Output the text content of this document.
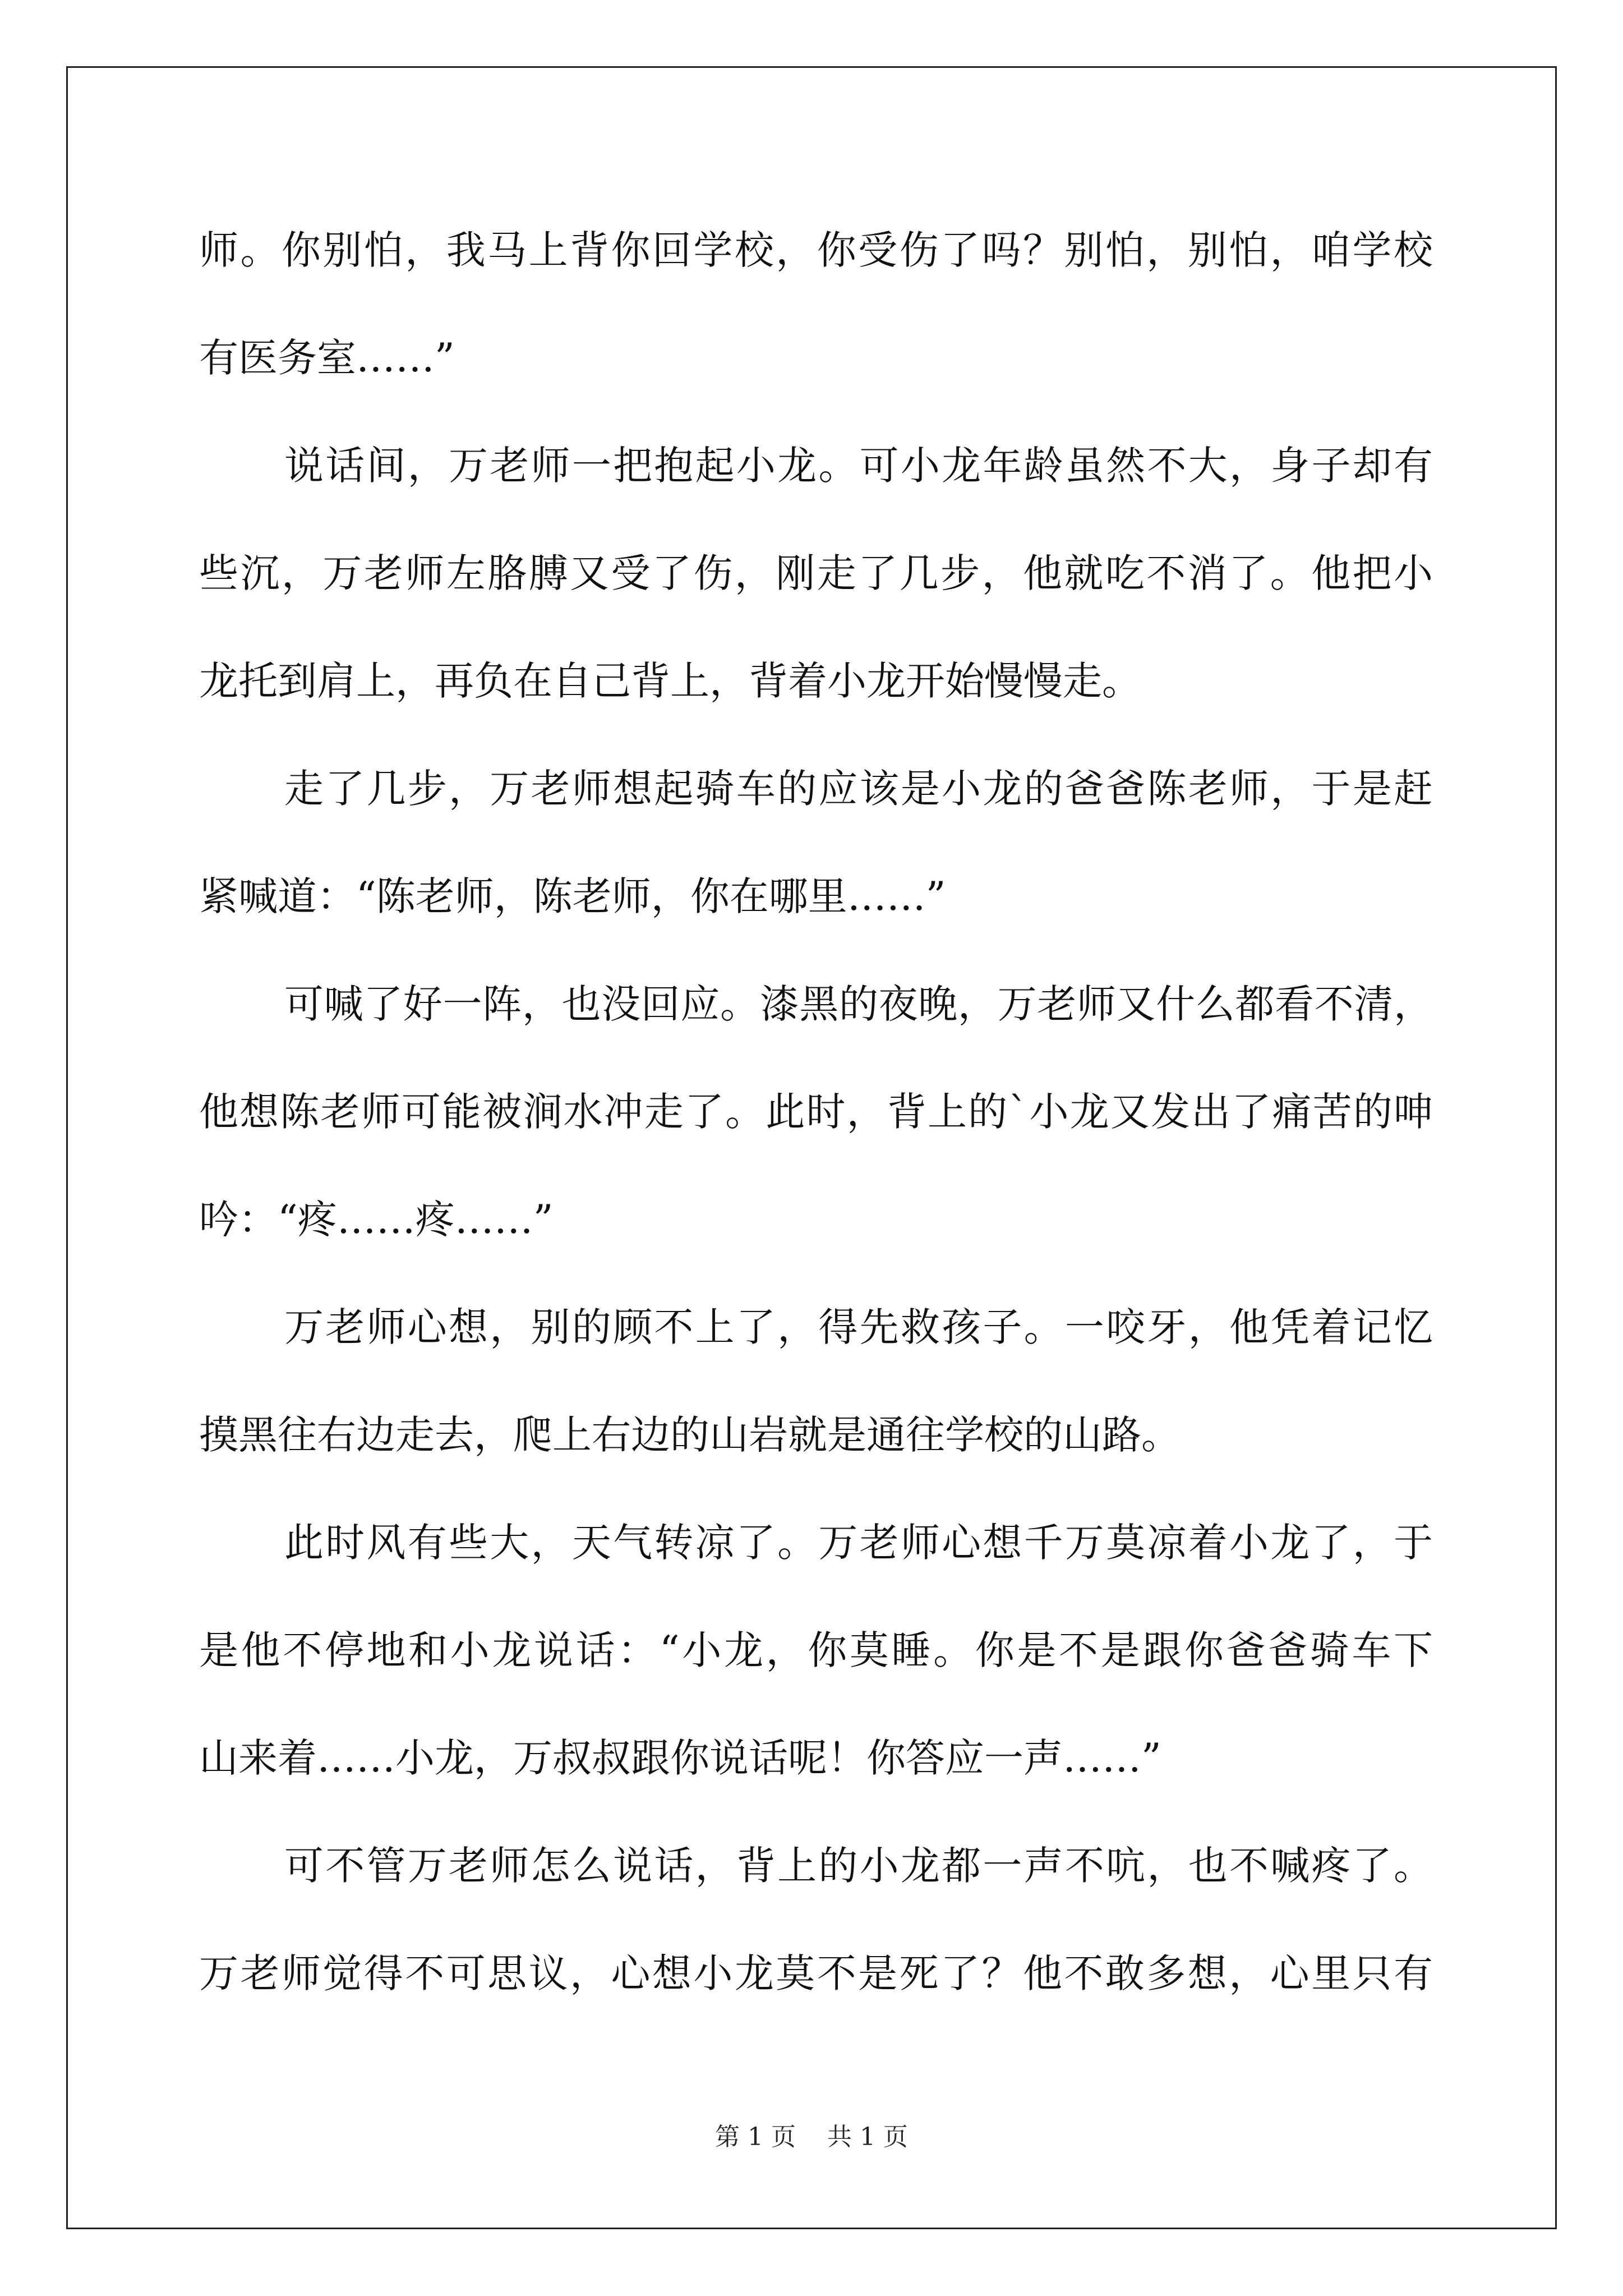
师。你别怕，我马上背你回学校，你受伤了吗？别怕，别怕，咱学校
有医务室……”
说话间，万老师一把抱起小龙。可小龙年龄虽然不大，身子却有
些沉，万老师左胳膊又受了伤，刚走了几步，他就吃不消了。他把小
龙托到肩上，再负在自己背上，背着小龙开始慢慢走。
走了几步，万老师想起骑车的应该是小龙的爸爸陈老师，于是赶
紧喊道：“陈老师，陈老师，你在哪里……”
可喊了好一阵，也没回应。漆黑的夜晚，万老师又什么都看不清，
他想陈老师可能被涧水冲走了。此时，背上的`小龙又发出了痛苦的呻
吟：“疼……疼……”
万老师心想，别的顾不上了，得先救孩子。一咬牙，他凭着记忆
摸黑往右边走去，爬上右边的山岩就是通往学校的山路。
此时风有些大，天气转凉了。万老师心想千万莫凉着小龙了，于
是他不停地和小龙说话：“小龙，你莫睡。你是不是跟你爸爸骑车下
山来着……小龙，万叔叔跟你说话呢！你答应一声……”
可不管万老师怎么说话，背上的小龙都一声不吭，也不喊疼了。
万老师觉得不可思议，心想小龙莫不是死了？他不敢多想，心里只有
第 1 页    共 1 页
